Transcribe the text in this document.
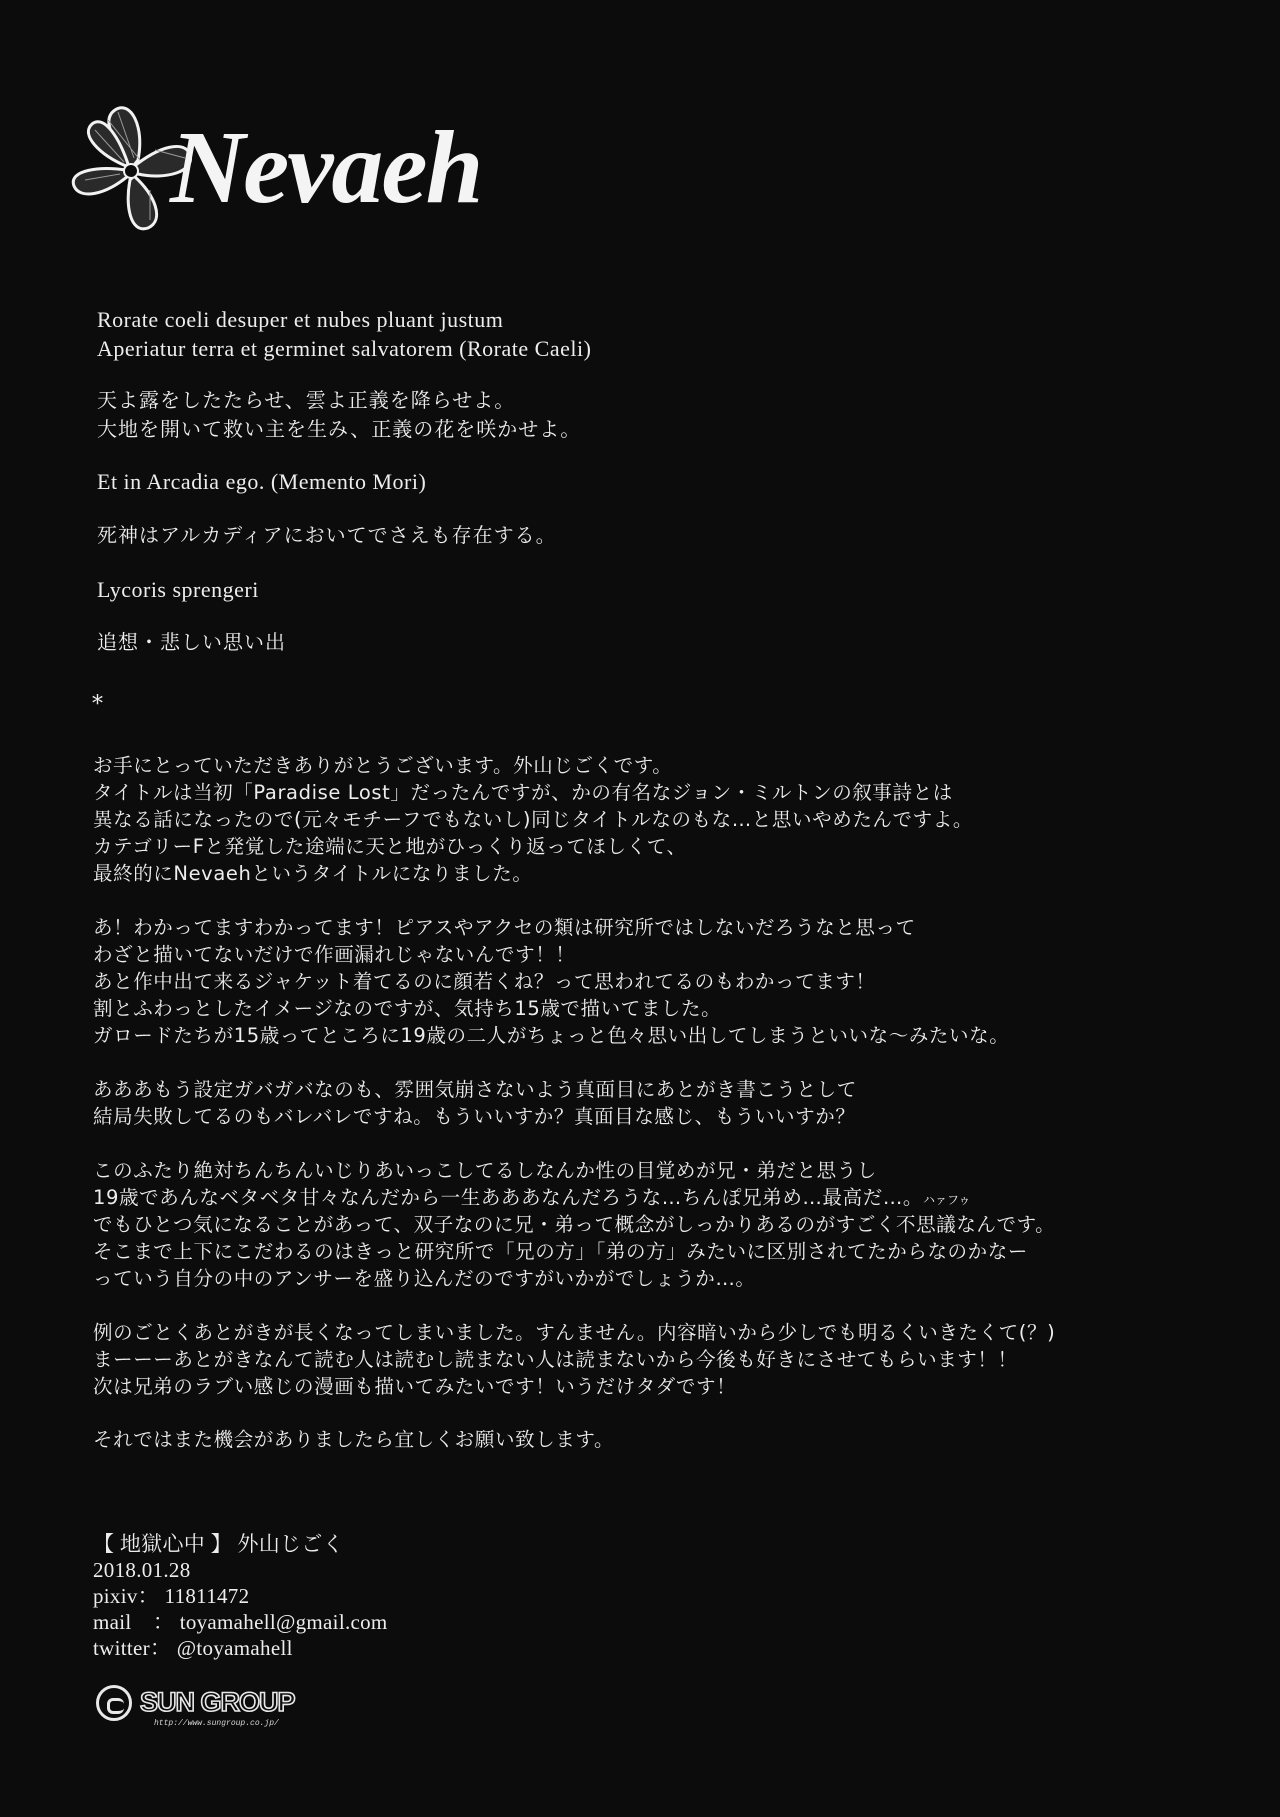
Nevaeh
Rorate coeli desuper et nubes pluant justum
Aperiatur terra et germinet salvatorem (Rorate Caeli)
天よ露をしたたらせ、雲よ正義を降らせよ。
大地を開いて救い主を生み、正義の花を咲かせよ。
Et in Arcadia ego. (Memento Mori)
死神はアルカディアにおいてでさえも存在する。
Lycoris sprengeri
追想・悲しい思い出
*
お手にとっていただきありがとうございます。外山じごくです。
タイトルは当初「Paradise Lost」だったんですが、かの有名なジョン・ミルトンの叙事詩とは
異なる話になったので(元々モチーフでもないし)同じタイトルなのもな…と思いやめたんですよ。
カテゴリーFと発覚した途端に天と地がひっくり返ってほしくて、
最終的にNevaehというタイトルになりました。
あ！わかってますわかってます！ピアスやアクセの類は研究所ではしないだろうなと思って
わざと描いてないだけで作画漏れじゃないんです！！
あと作中出て来るジャケット着てるのに顔若くね？って思われてるのもわかってます！
割とふわっとしたイメージなのですが、気持ち15歳で描いてました。
ガロードたちが15歳ってところに19歳の二人がちょっと色々思い出してしまうといいな～みたいな。
あああもう設定ガバガバなのも、雰囲気崩さないよう真面目にあとがき書こうとして
結局失敗してるのもバレバレですね。もういいすか？真面目な感じ、もういいすか？
このふたり絶対ちんちんいじりあいっこしてるしなんか性の目覚めが兄・弟だと思うし
19歳であんなベタベタ甘々なんだから一生あああなんだろうな…ちんぽ兄弟め…最高だ…。ハァフゥ
でもひとつ気になることがあって、双子なのに兄・弟って概念がしっかりあるのがすごく不思議なんです。
そこまで上下にこだわるのはきっと研究所で「兄の方」「弟の方」みたいに区別されてたからなのかなー
っていう自分の中のアンサーを盛り込んだのですがいかがでしょうか…。
例のごとくあとがきが長くなってしまいました。すんません。内容暗いから少しでも明るくいきたくて(？)
まーーーあとがきなんて読む人は読むし読まない人は読まないから今後も好きにさせてもらいます！！
次は兄弟のラブい感じの漫画も描いてみたいです！いうだけタダです！
それではまた機会がありましたら宜しくお願い致します。
【 地獄心中 】 外山じごく
2018.01.28
pixiv： 11811472
mail　： toyamahell@gmail.com
twitter： @toyamahell
SUN GROUP
http://www.sungroup.co.jp/
